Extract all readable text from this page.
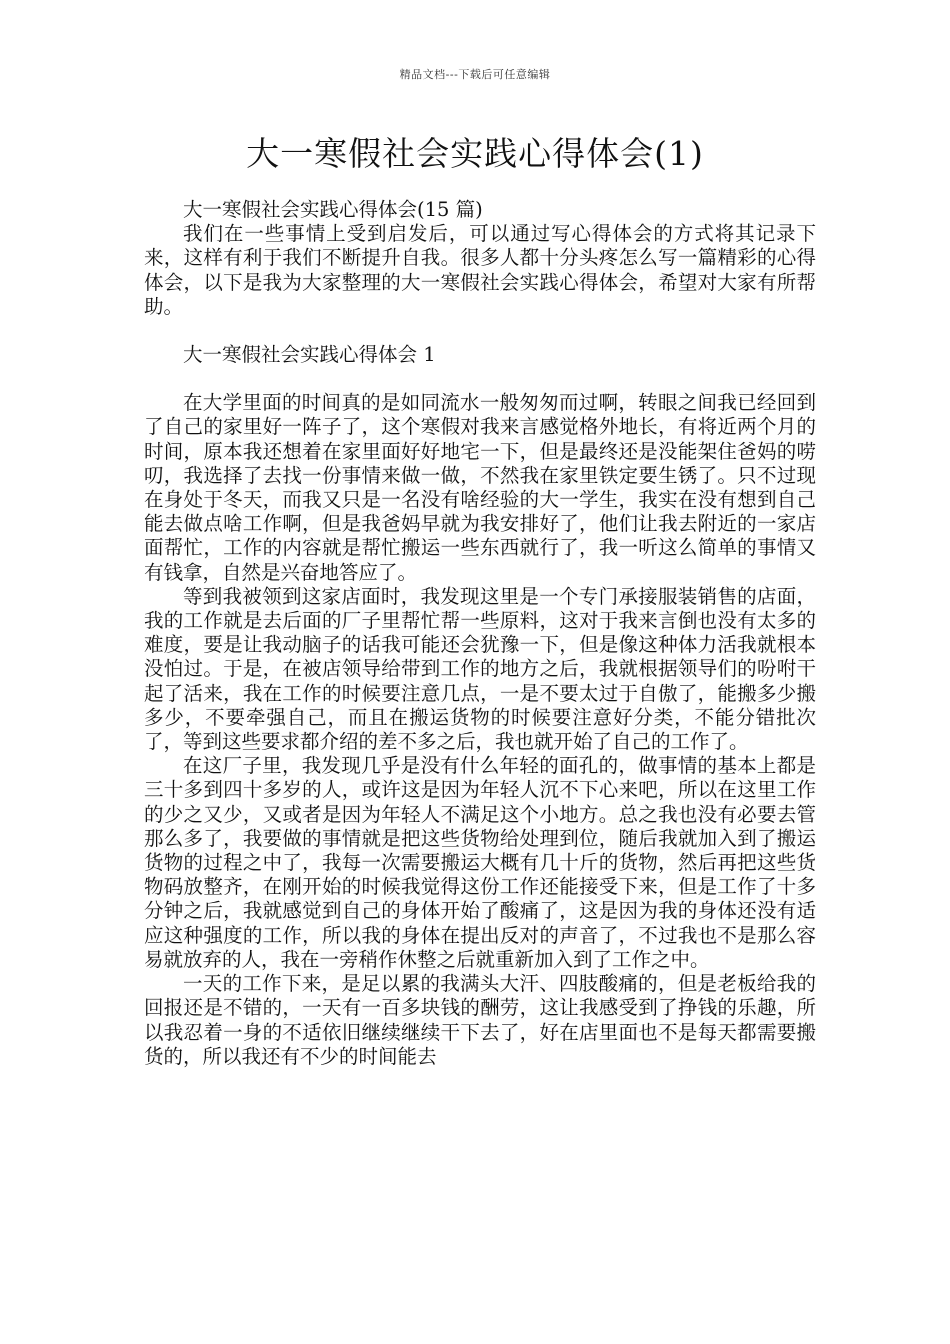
精品文档---下载后可任意编辑
大一寒假社会实践心得体会(1)

大一寒假社会实践心得体会(15 篇)

我们在一些事情上受到启发后，可以通过写心得体会的方式将其记录下来，这样有利于我们不断提升自我。很多人都十分头疼怎么写一篇精彩的心得体会，以下是我为大家整理的大一寒假社会实践心得体会，希望对大家有所帮助。

大一寒假社会实践心得体会 1

在大学里面的时间真的是如同流水一般匆匆而过啊，转眼之间我已经回到了自己的家里好一阵子了，这个寒假对我来言感觉格外地长，有将近两个月的时间，原本我还想着在家里面好好地宅一下，但是最终还是没能架住爸妈的唠叨，我选择了去找一份事情来做一做，不然我在家里铁定要生锈了。只不过现在身处于冬天，而我又只是一名没有啥经验的大一学生，我实在没有想到自己能去做点啥工作啊，但是我爸妈早就为我安排好了，他们让我去附近的一家店面帮忙，工作的内容就是帮忙搬运一些东西就行了，我一听这么简单的事情又有钱拿，自然是兴奋地答应了。

等到我被领到这家店面时，我发现这里是一个专门承接服装销售的店面，我的工作就是去后面的厂子里帮忙帮一些原料，这对于我来言倒也没有太多的难度，要是让我动脑子的话我可能还会犹豫一下，但是像这种体力活我就根本没怕过。于是，在被店领导给带到工作的地方之后，我就根据领导们的吩咐干起了活来，我在工作的时候要注意几点，一是不要太过于自傲了，能搬多少搬多少，不要牵强自己，而且在搬运货物的时候要注意好分类，不能分错批次了，等到这些要求都介绍的差不多之后，我也就开始了自己的工作了。

在这厂子里，我发现几乎是没有什么年轻的面孔的，做事情的基本上都是三十多到四十多岁的人，或许这是因为年轻人沉不下心来吧，所以在这里工作的少之又少，又或者是因为年轻人不满足这个小地方。总之我也没有必要去管那么多了，我要做的事情就是把这些货物给处理到位，随后我就加入到了搬运货物的过程之中了，我每一次需要搬运大概有几十斤的货物，然后再把这些货物码放整齐，在刚开始的时候我觉得这份工作还能接受下来，但是工作了十多分钟之后，我就感觉到自己的身体开始了酸痛了，这是因为我的身体还没有适应这种强度的工作，所以我的身体在提出反对的声音了，不过我也不是那么容易就放弃的人，我在一旁稍作休整之后就重新加入到了工作之中。

一天的工作下来，是足以累的我满头大汗、四肢酸痛的，但是老板给我的回报还是不错的，一天有一百多块钱的酬劳，这让我感受到了挣钱的乐趣，所以我忍着一身的不适依旧继续继续干下去了，好在店里面也不是每天都需要搬货的，所以我还有不少的时间能去
